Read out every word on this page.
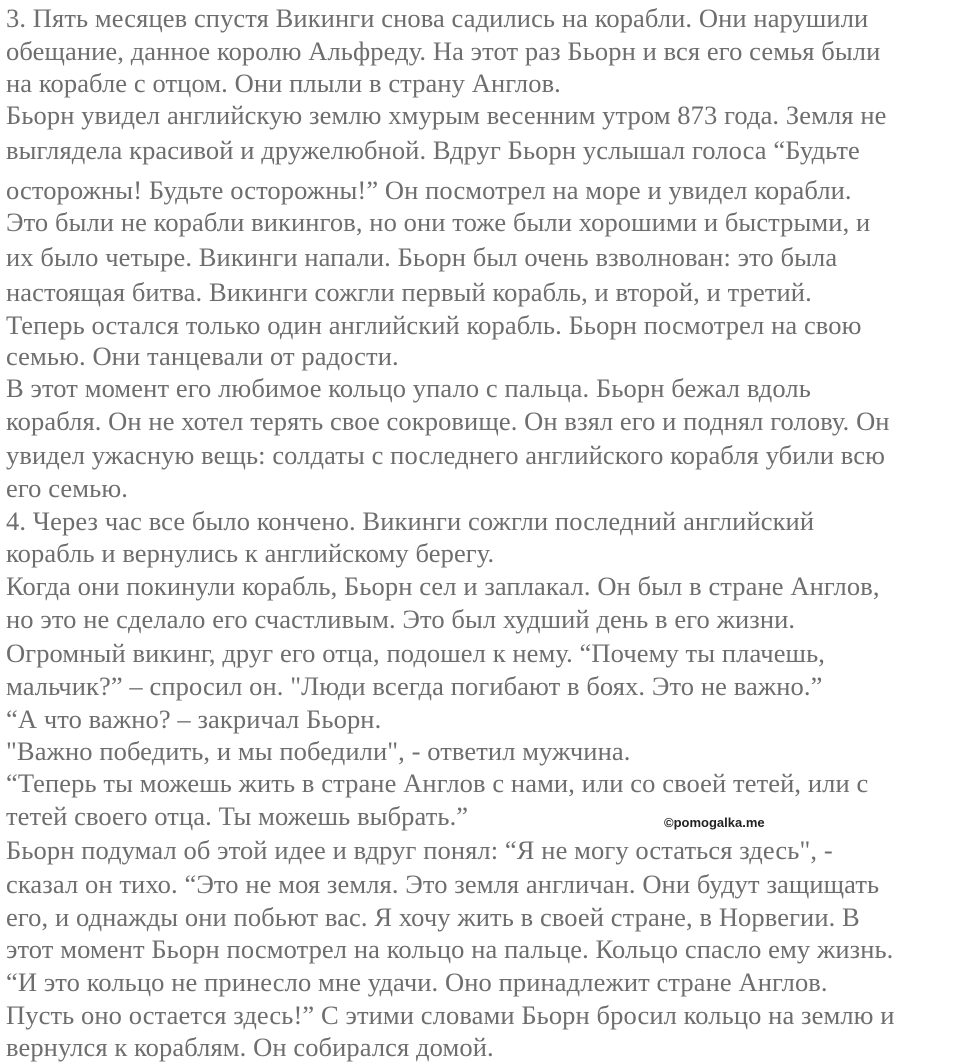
3. Пять месяцев спустя Викинги снова садились на корабли. Они нарушили
обещание, данное королю Альфреду. На этот раз Бьорн и вся его семья были
на корабле с отцом. Они плыли в страну Англов.
Бьорн увидел английскую землю хмурым весенним утром 873 года. Земля не
выглядела красивой и дружелюбной. Вдруг Бьорн услышал голоса “Будьте
осторожны! Будьте осторожны!” Он посмотрел на море и увидел корабли.
Это были не корабли викингов, но они тоже были хорошими и быстрыми, и
их было четыре. Викинги напали. Бьорн был очень взволнован: это была
настоящая битва. Викинги сожгли первый корабль, и второй, и третий.
Теперь остался только один английский корабль. Бьорн посмотрел на свою
семью. Они танцевали от радости.
В этот момент его любимое кольцо упало с пальца. Бьорн бежал вдоль
корабля. Он не хотел терять свое сокровище. Он взял его и поднял голову. Он
увидел ужасную вещь: солдаты с последнего английского корабля убили всю
его семью.
4. Через час все было кончено. Викинги сожгли последний английский
корабль и вернулись к английскому берегу.
Когда они покинули корабль, Бьорн сел и заплакал. Он был в стране Англов,
но это не сделало его счастливым. Это был худший день в его жизни.
Огромный викинг, друг его отца, подошел к нему. “Почему ты плачешь,
мальчик?” – спросил он. "Люди всегда погибают в боях. Это не важно.”
“А что важно? – закричал Бьорн.
"Важно победить, и мы победили", - ответил мужчина.
“Теперь ты можешь жить в стране Англов с нами, или со своей тетей, или с
тетей своего отца. Ты можешь выбрать.”
Бьорн подумал об этой идее и вдруг понял: “Я не могу остаться здесь", -
сказал он тихо. “Это не моя земля. Это земля англичан. Они будут защищать
его, и однажды они побьют вас. Я хочу жить в своей стране, в Норвегии. В
этот момент Бьорн посмотрел на кольцо на пальце. Кольцо спасло ему жизнь.
“И это кольцо не принесло мне удачи. Оно принадлежит стране Англов.
Пусть оно остается здесь!” С этими словами Бьорн бросил кольцо на землю и
вернулся к кораблям. Он собирался домой.
©pomogalka.me
